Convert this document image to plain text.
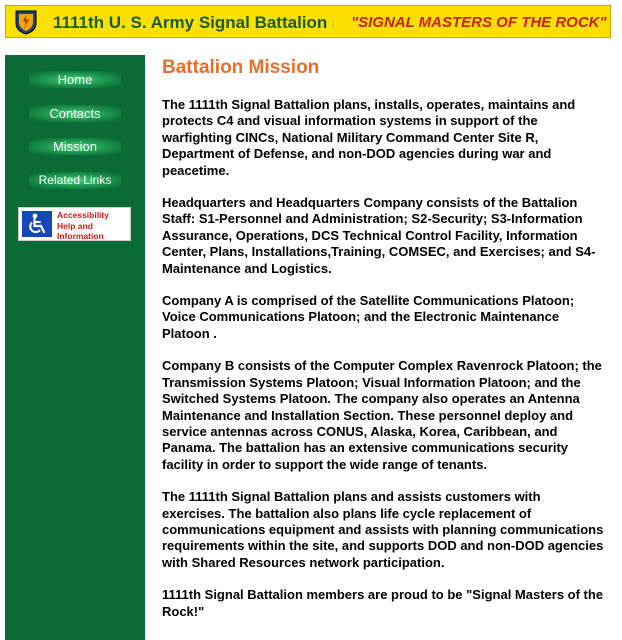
1111th U. S. Army Signal Battalion "SIGNAL MASTERS OF THE ROCK"
Home
Contacts
Mission
Related Links
Accessibility
Help and
Information
Battalion Mission

The 1111th Signal Battalion plans, installs, operates, maintains and protects C4 and visual information systems in support of the warfighting CINCs, National Military Command Center Site R, Department of Defense, and non-DOD agencies during war and peacetime.

Headquarters and Headquarters Company consists of the Battalion Staff: S1-Personnel and Administration; S2-Security; S3-Information Assurance, Operations, DCS Technical Control Facility, Information Center, Plans, Installations,Training, COMSEC, and Exercises; and S4-Maintenance and Logistics.

Company A is comprised of the Satellite Communications Platoon; Voice Communications Platoon; and the Electronic Maintenance Platoon .

Company B consists of the Computer Complex Ravenrock Platoon; the Transmission Systems Platoon; Visual Information Platoon; and the Switched Systems Platoon. The company also operates an Antenna Maintenance and Installation Section. These personnel deploy and service antennas across CONUS, Alaska, Korea, Caribbean, and Panama. The battalion has an extensive communications security facility in order to support the wide range of tenants.

The 1111th Signal Battalion plans and assists customers with exercises. The battalion also plans life cycle replacement of communications equipment and assists with planning communications requirements within the site, and supports DOD and non-DOD agencies with Shared Resources network participation.

1111th Signal Battalion members are proud to be "Signal Masters of the Rock!"
